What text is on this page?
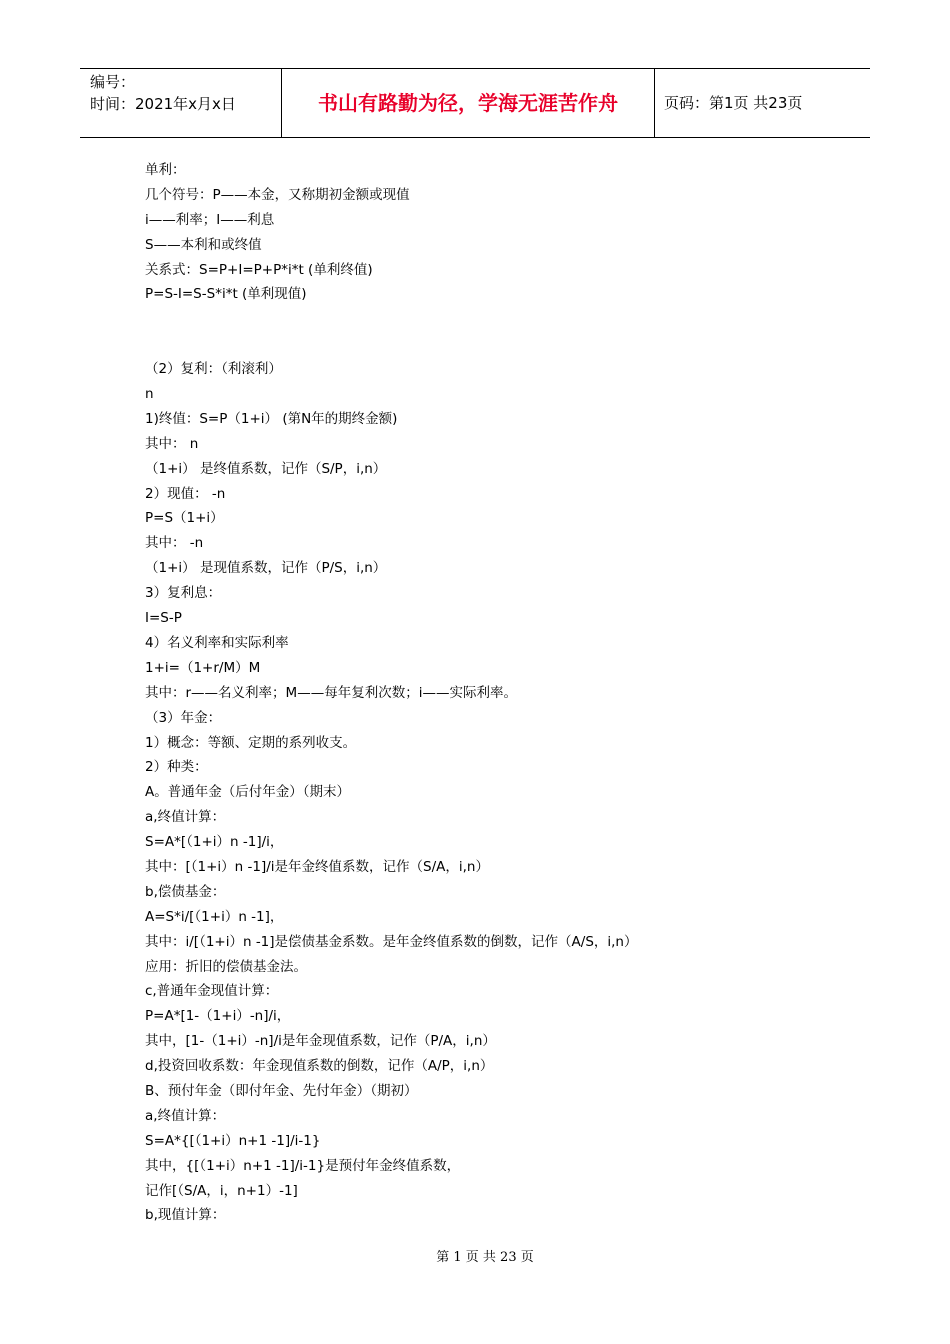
编号：
时间：2021年x月x日	书山有路勤为径，学海无涯苦作舟	页码：第1页 共23页
单利：
几个符号：P——本金，又称期初金额或现值
i——利率；I——利息
S——本利和或终值
关系式：S=P+I=P+P*i*t (单利终值)
P=S-I=S-S*i*t (单利现值)
（2）复利：（利滚利）
n
1)终值：S=P（1+i） (第N年的期终金额)
其中： n
（1+i） 是终值系数，记作（S/P，i,n）
2）现值： -n
P=S（1+i）
其中： -n
（1+i） 是现值系数，记作（P/S，i,n）
3）复利息：
I=S-P
4）名义利率和实际利率
1+i=（1+r/M）M
其中：r——名义利率；M——每年复利次数；i——实际利率。
（3）年金：
1）概念：等额、定期的系列收支。
2）种类：
A。普通年金（后付年金）（期末）
a,终值计算：
S=A*[（1+i）n -1]/i，
其中：[（1+i）n -1]/i是年金终值系数，记作（S/A，i,n）
b,偿债基金：
A=S*i/[（1+i）n -1]，
其中：i/[（1+i）n -1]是偿债基金系数。是年金终值系数的倒数，记作（A/S，i,n）
应用：折旧的偿债基金法。
c,普通年金现值计算：
P=A*[1-（1+i）-n]/i，
其中，[1-（1+i）-n]/i是年金现值系数，记作（P/A，i,n）
d,投资回收系数：年金现值系数的倒数，记作（A/P，i,n）
B、预付年金（即付年金、先付年金）（期初）
a,终值计算：
S=A*{[（1+i）n+1 -1]/i-1}
其中，{[（1+i）n+1 -1]/i-1}是预付年金终值系数，
记作[（S/A，i，n+1）-1]
b,现值计算：
第 1 页 共 23 页
